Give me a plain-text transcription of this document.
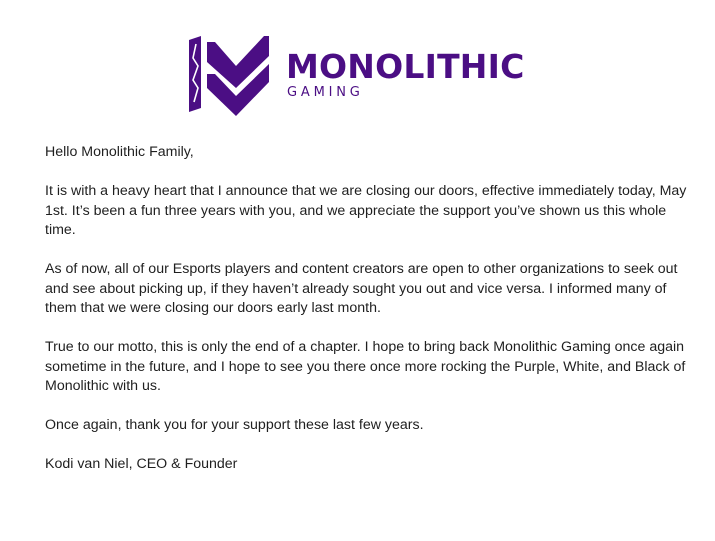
MONOLITHIC
GAMING

Hello Monolithic Family,

It is with a heavy heart that I announce that we are closing our doors, effective immediately today, May 1st. It’s been a fun three years with you, and we appreciate the support you’ve shown us this whole time.

As of now, all of our Esports players and content creators are open to other organizations to seek out and see about picking up, if they haven’t already sought you out and vice versa. I informed many of them that we were closing our doors early last month.

True to our motto, this is only the end of a chapter. I hope to bring back Monolithic Gaming once again sometime in the future, and I hope to see you there once more rocking the Purple, White, and Black of Monolithic with us.

Once again, thank you for your support these last few years.

Kodi van Niel, CEO & Founder
